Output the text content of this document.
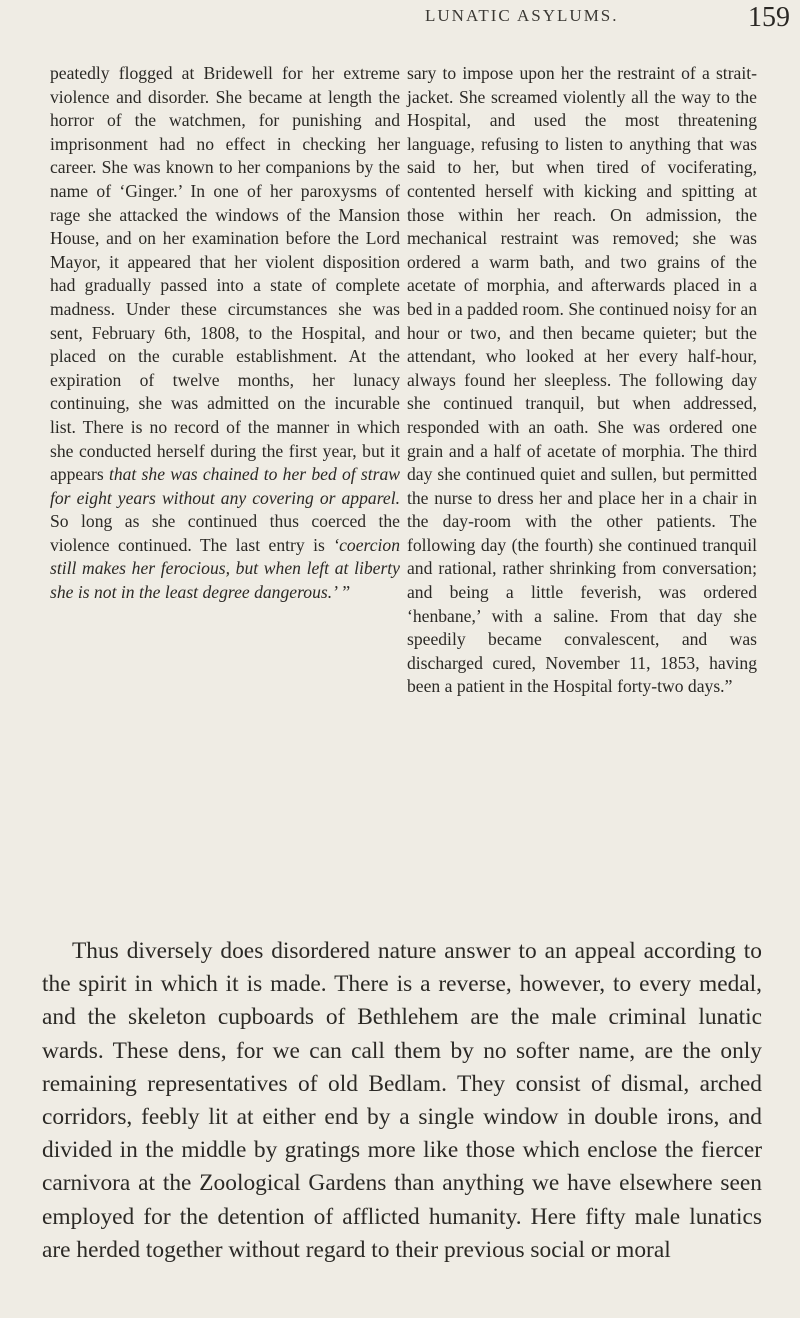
LUNATIC ASYLUMS.	159

peatedly flogged at Bridewell for her extreme violence and disorder. She became at length the horror of the watchmen, for punishing and imprisonment had no effect in checking her career. She was known to her companions by the name of ‘Ginger.’ In one of her paroxysms of rage she attacked the windows of the Mansion House, and on her examination before the Lord Mayor, it appeared that her violent disposition had gradually passed into a state of complete madness. Under these circumstances she was sent, February 6th, 1808, to the Hospital, and placed on the curable establishment. At the expiration of twelve months, her lunacy continuing, she was admitted on the incurable list. There is no record of the manner in which she conducted herself during the first year, but it appears that she was chained to her bed of straw for eight years without any covering or apparel. So long as she continued thus coerced the violence continued. The last entry is ‘coercion still makes her ferocious, but when left at liberty she is not in the least degree dangerous.’ ”

sary to impose upon her the restraint of a strait-jacket. She screamed violently all the way to the Hospital, and used the most threatening language, refusing to listen to anything that was said to her, but when tired of vociferating, contented herself with kicking and spitting at those within her reach. On admission, the mechanical restraint was removed; she was ordered a warm bath, and two grains of the acetate of morphia, and afterwards placed in a bed in a padded room. She continued noisy for an hour or two, and then became quieter; but the attendant, who looked at her every half-hour, always found her sleepless. The following day she continued tranquil, but when addressed, responded with an oath. She was ordered one grain and a half of acetate of morphia. The third day she continued quiet and sullen, but permitted the nurse to dress her and place her in a chair in the day-room with the other patients. The following day (the fourth) she continued tranquil and rational, rather shrinking from conversation; and being a little feverish, was ordered ‘henbane,’ with a saline. From that day she speedily became convalescent, and was discharged cured, November 11, 1853, having been a patient in the Hospital forty-two days.”

Thus diversely does disordered nature answer to an appeal according to the spirit in which it is made. There is a reverse, however, to every medal, and the skeleton cupboards of Bethlehem are the male criminal lunatic wards. These dens, for we can call them by no softer name, are the only remaining representatives of old Bedlam. They consist of dismal, arched corridors, feebly lit at either end by a single window in double irons, and divided in the middle by gratings more like those which enclose the fiercer carnivora at the Zoological Gardens than anything we have elsewhere seen employed for the detention of afflicted humanity. Here fifty male lunatics are herded together without regard to their previous social or moral
